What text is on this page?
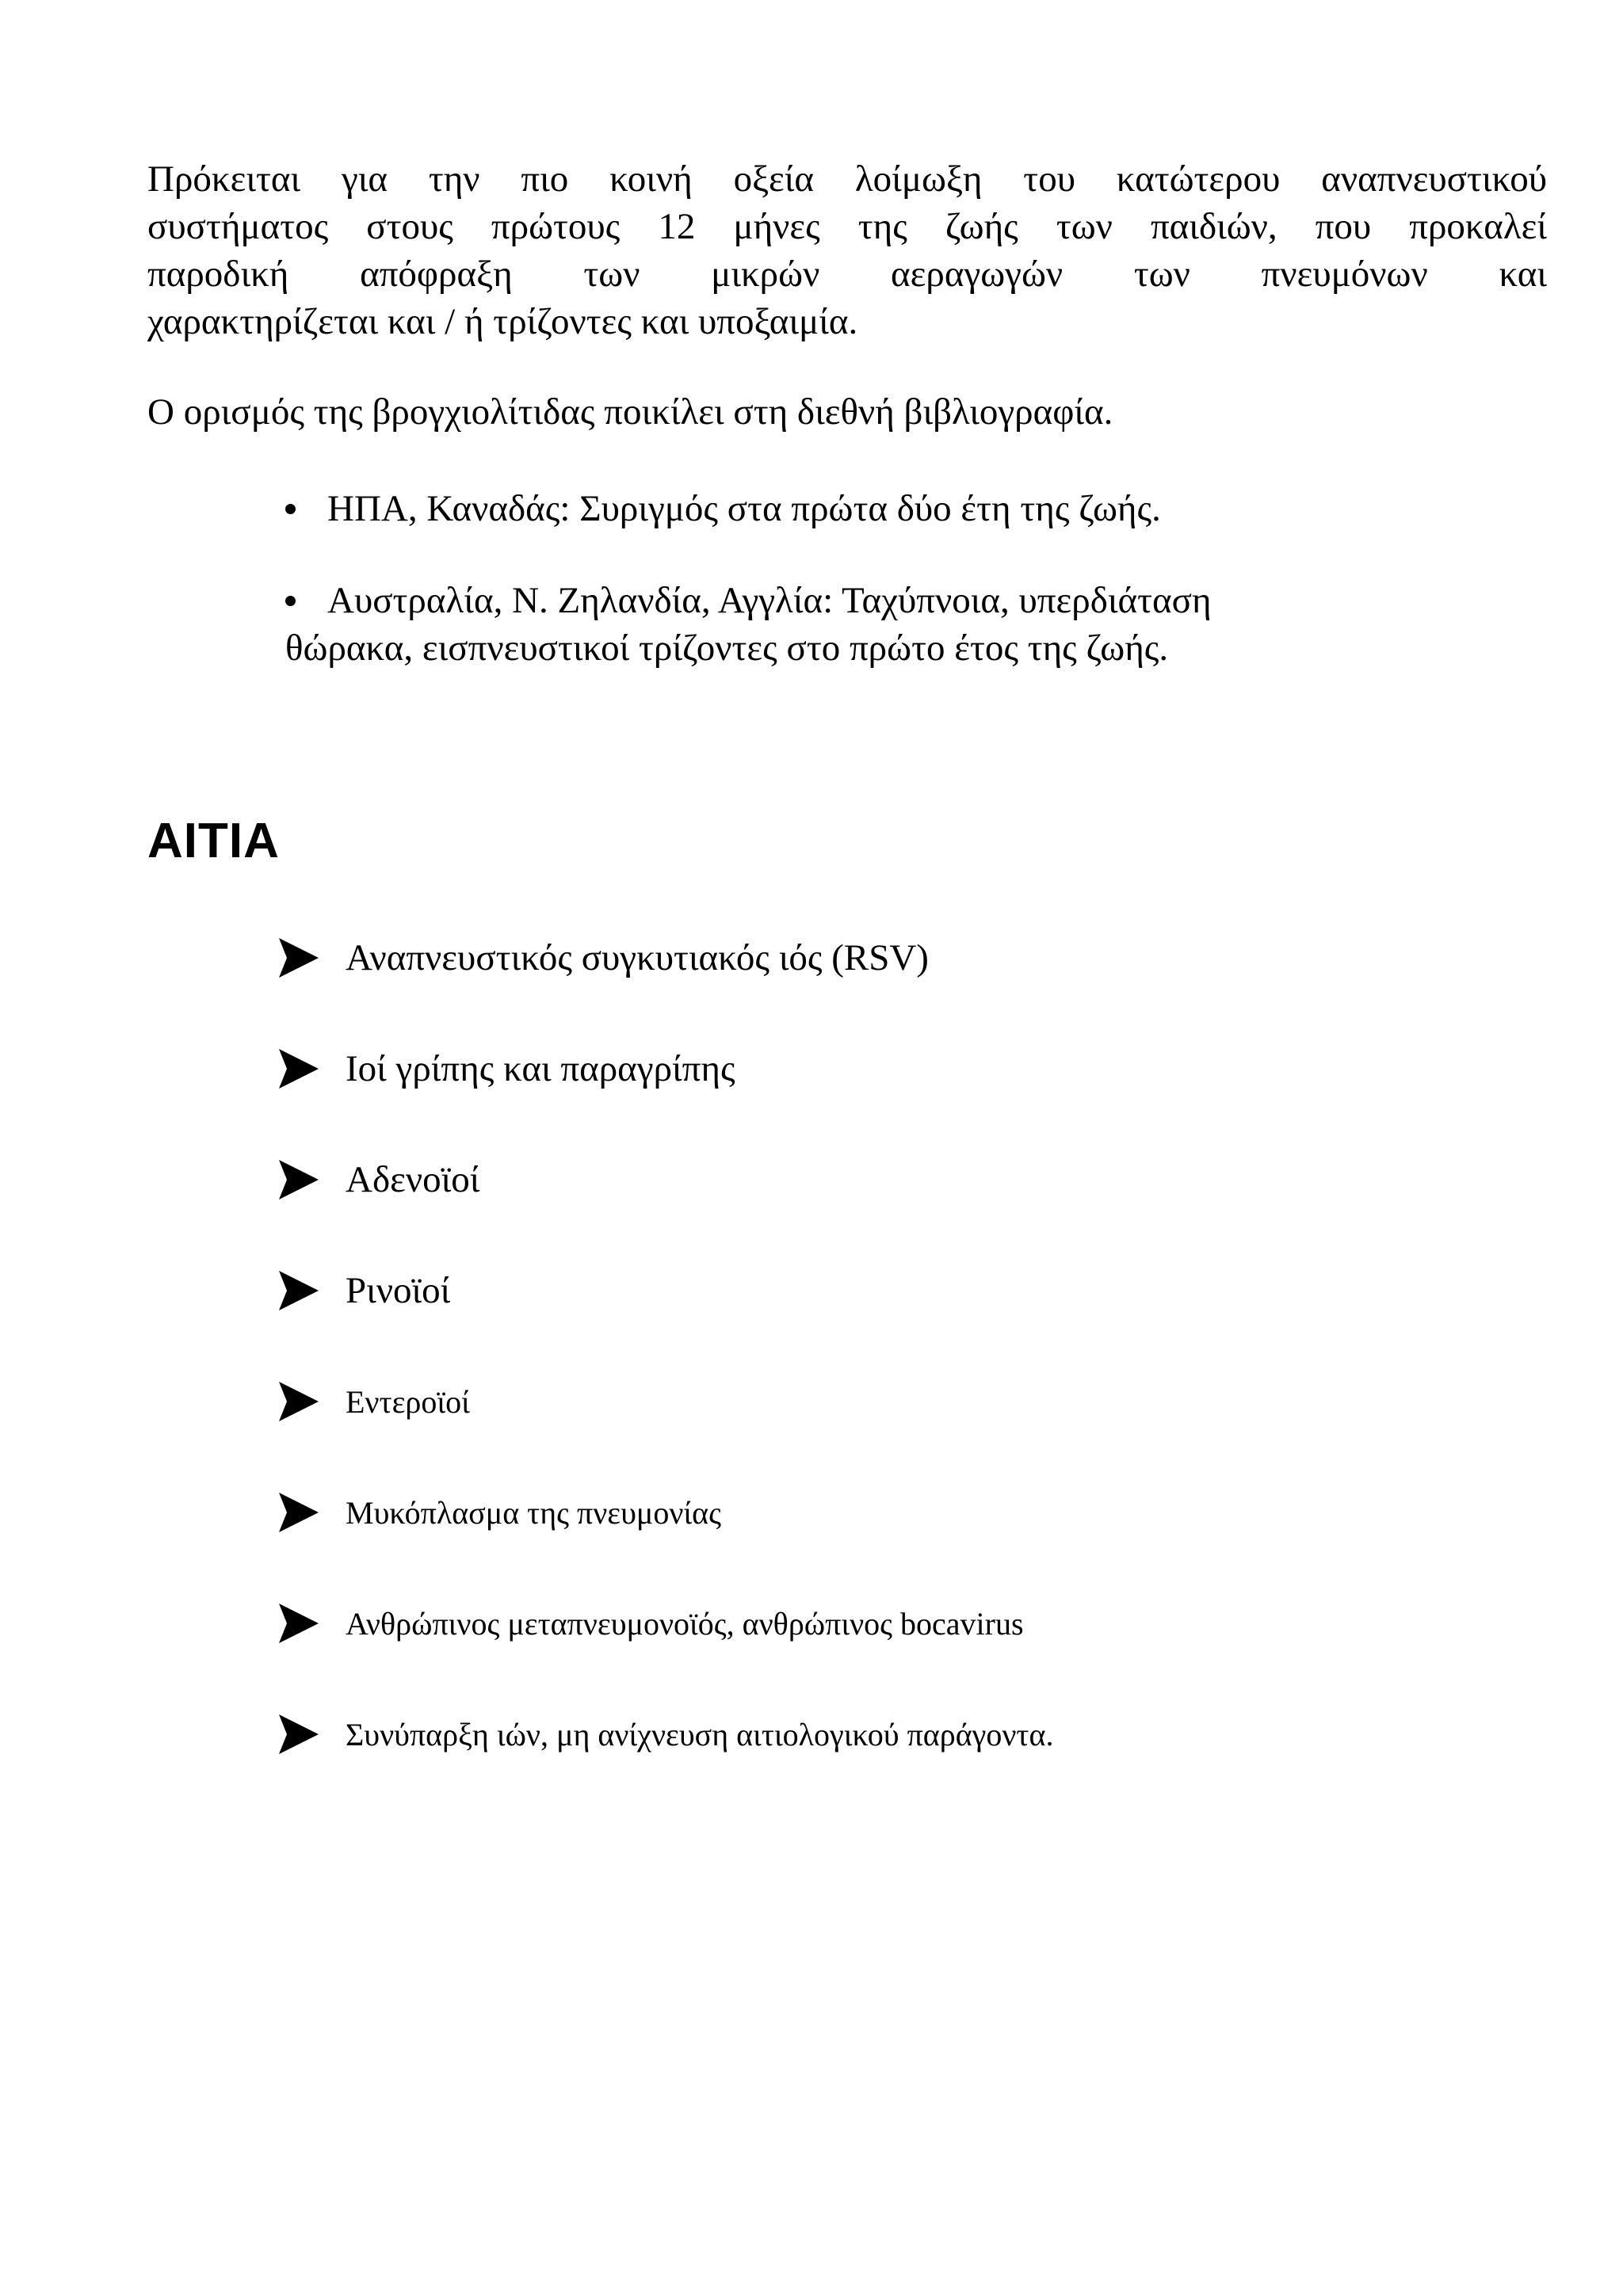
Πρόκειται για την πιο κοινή οξεία λοίμωξη του κατώτερου αναπνευστικού
συστήματος στους πρώτους 12 μήνες της ζωής των παιδιών, που προκαλεί
παροδική απόφραξη των μικρών αεραγωγών των πνευμόνων και
χαρακτηρίζεται και / ή τρίζοντες και υποξαιμία.
Ο ορισμός της βρογχιολίτιδας ποικίλει στη διεθνή βιβλιογραφία.
ΗΠΑ, Καναδάς: Συριγμός στα πρώτα δύο έτη της ζωής.
Αυστραλία, Ν. Ζηλανδία, Αγγλία: Ταχύπνοια, υπερδιάταση
θώρακα, εισπνευστικοί τρίζοντες στο πρώτο έτος της ζωής.
ΑΙΤΙΑ
Αναπνευστικός συγκυτιακός ιός (RSV)
Ιοί γρίπης και παραγρίπης
Αδενοϊοί
Ρινοϊοί
Εντεροϊοί
Μυκόπλασμα της πνευμονίας
Ανθρώπινος μεταπνευμονοϊός, ανθρώπινος bocavirus
Συνύπαρξη ιών, μη ανίχνευση αιτιολογικού παράγοντα.
